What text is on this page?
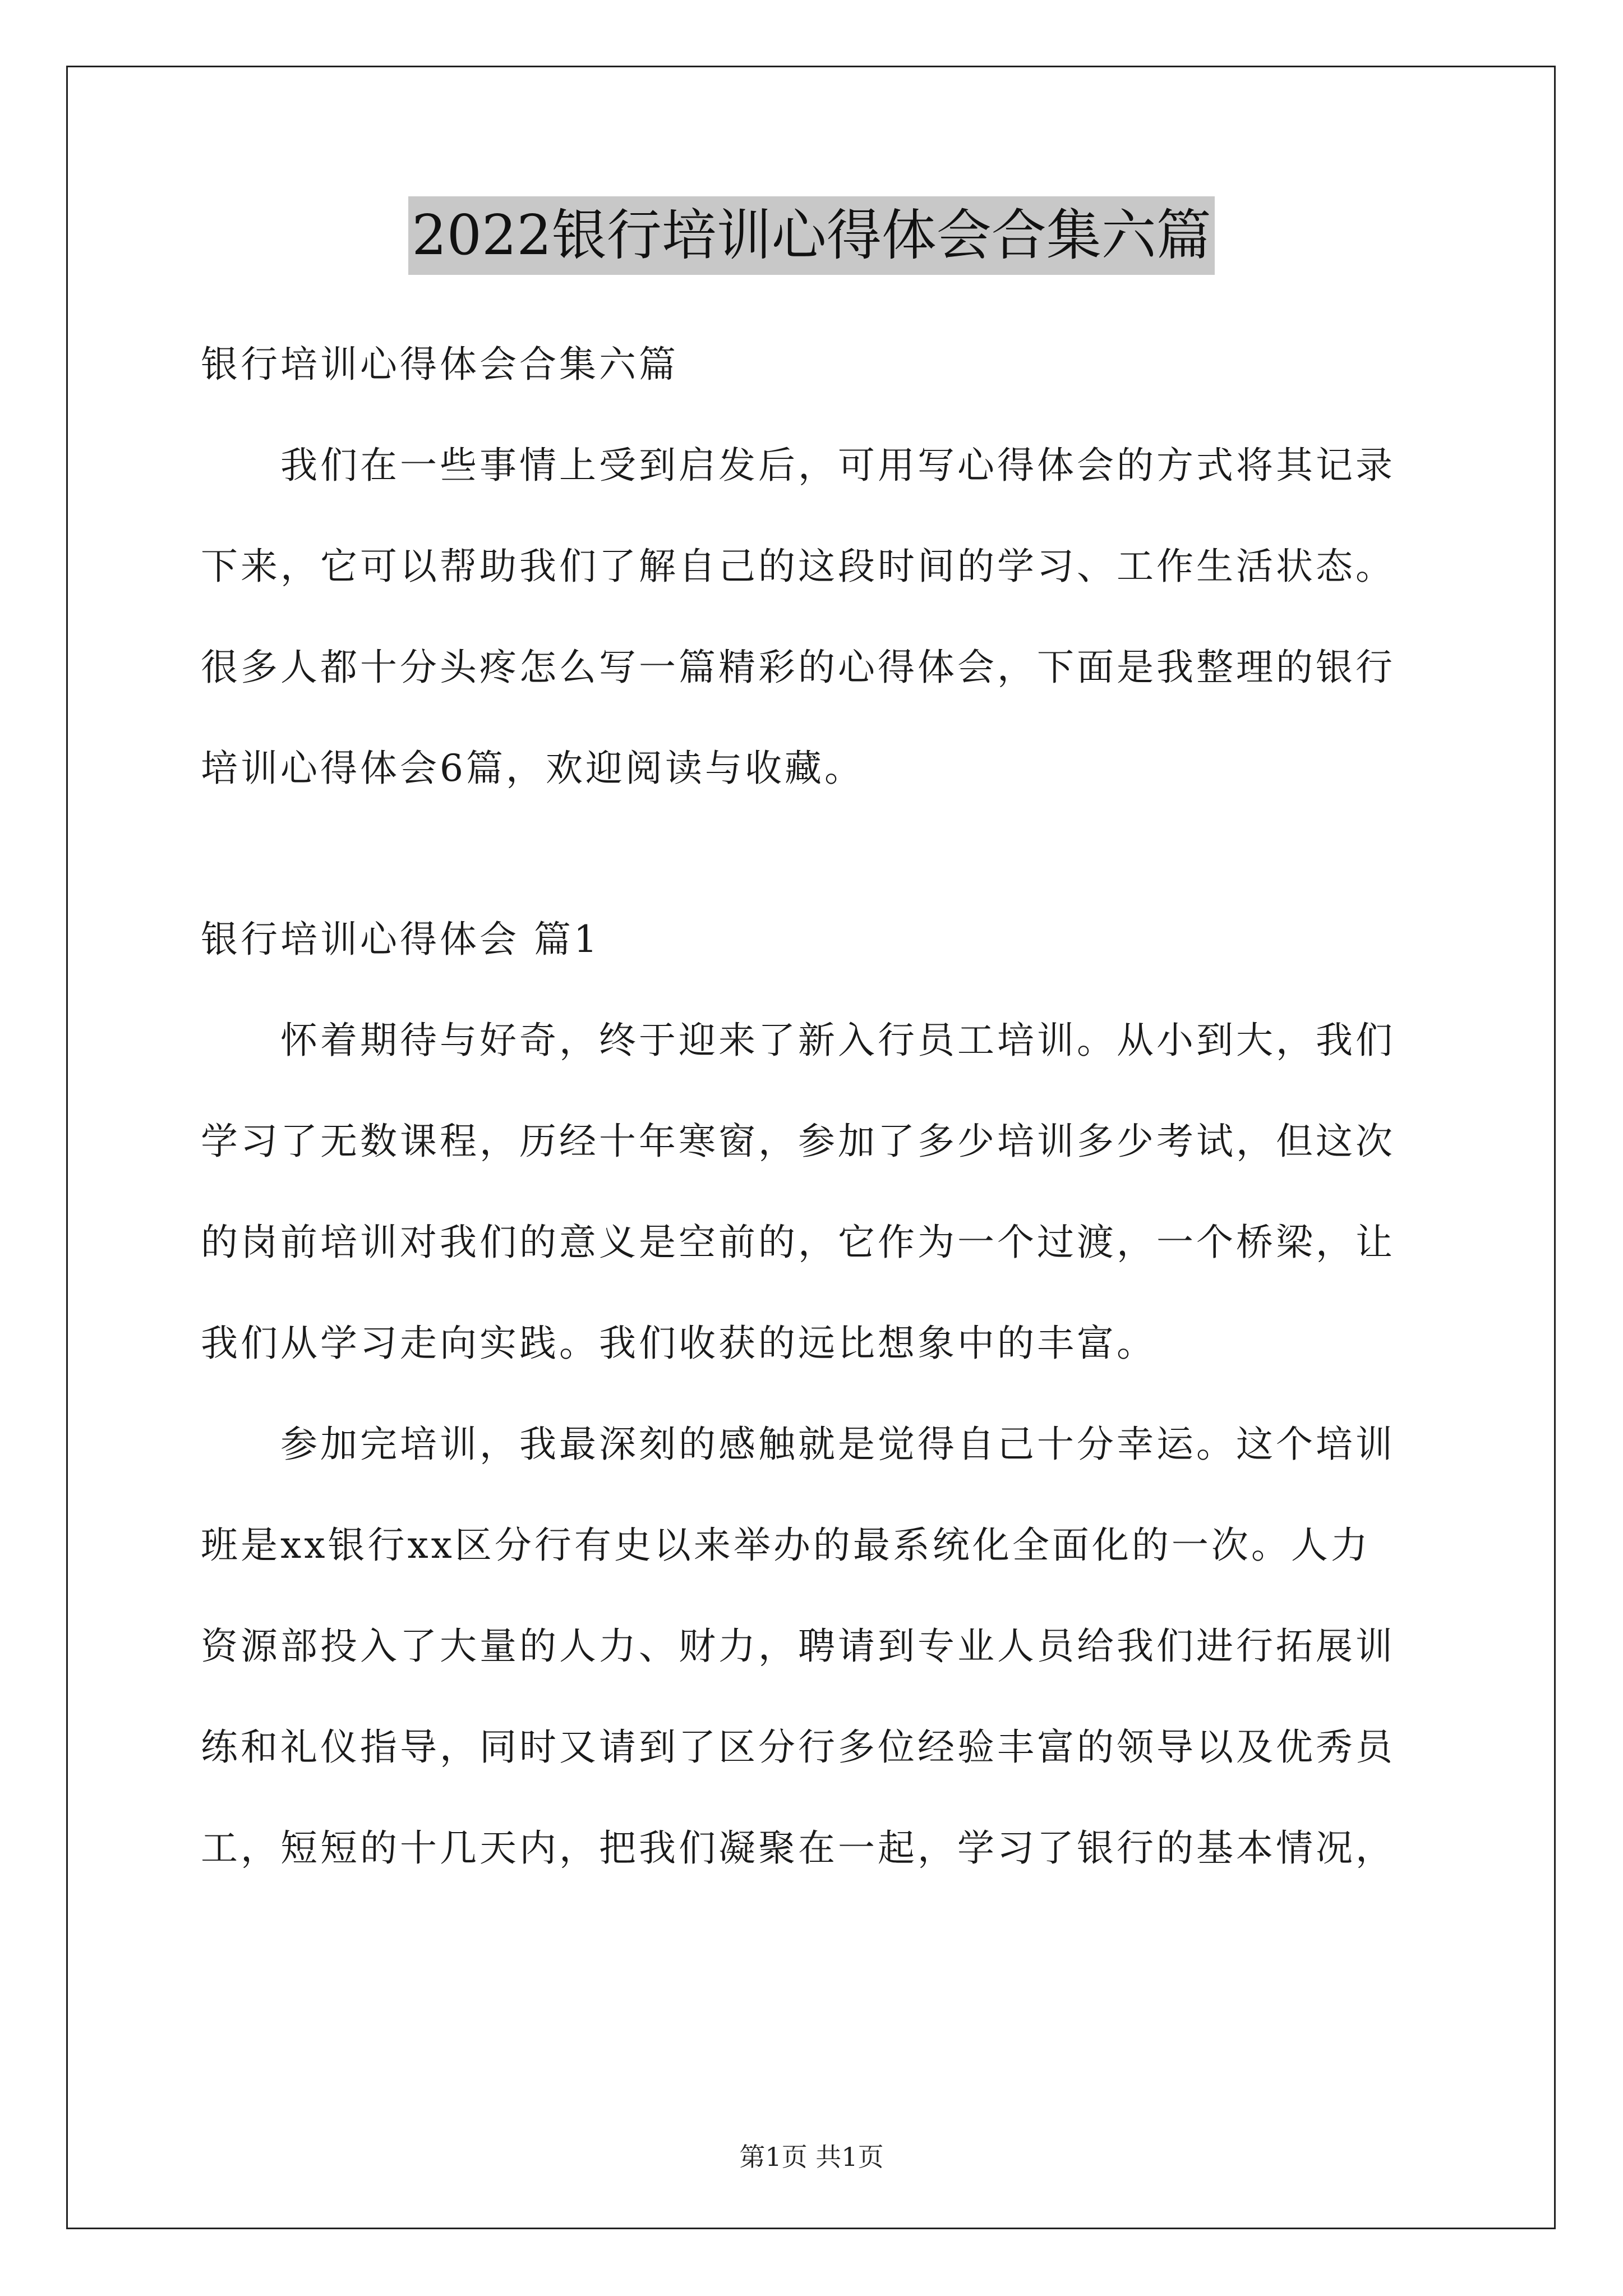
2022银行培训心得体会合集六篇
银行培训心得体会合集六篇
我们在一些事情上受到启发后，可用写心得体会的方式将其记录
下来，它可以帮助我们了解自己的这段时间的学习、工作生活状态。
很多人都十分头疼怎么写一篇精彩的心得体会，下面是我整理的银行
培训心得体会6篇，欢迎阅读与收藏。
银行培训心得体会 篇1
怀着期待与好奇，终于迎来了新入行员工培训。从小到大，我们
学习了无数课程，历经十年寒窗，参加了多少培训多少考试，但这次
的岗前培训对我们的意义是空前的，它作为一个过渡，一个桥梁，让
我们从学习走向实践。我们收获的远比想象中的丰富。
参加完培训，我最深刻的感触就是觉得自己十分幸运。这个培训
班是xx银行xx区分行有史以来举办的最系统化全面化的一次。人力
资源部投入了大量的人力、财力，聘请到专业人员给我们进行拓展训
练和礼仪指导，同时又请到了区分行多位经验丰富的领导以及优秀员
工，短短的十几天内，把我们凝聚在一起，学习了银行的基本情况，
第1页 共1页
